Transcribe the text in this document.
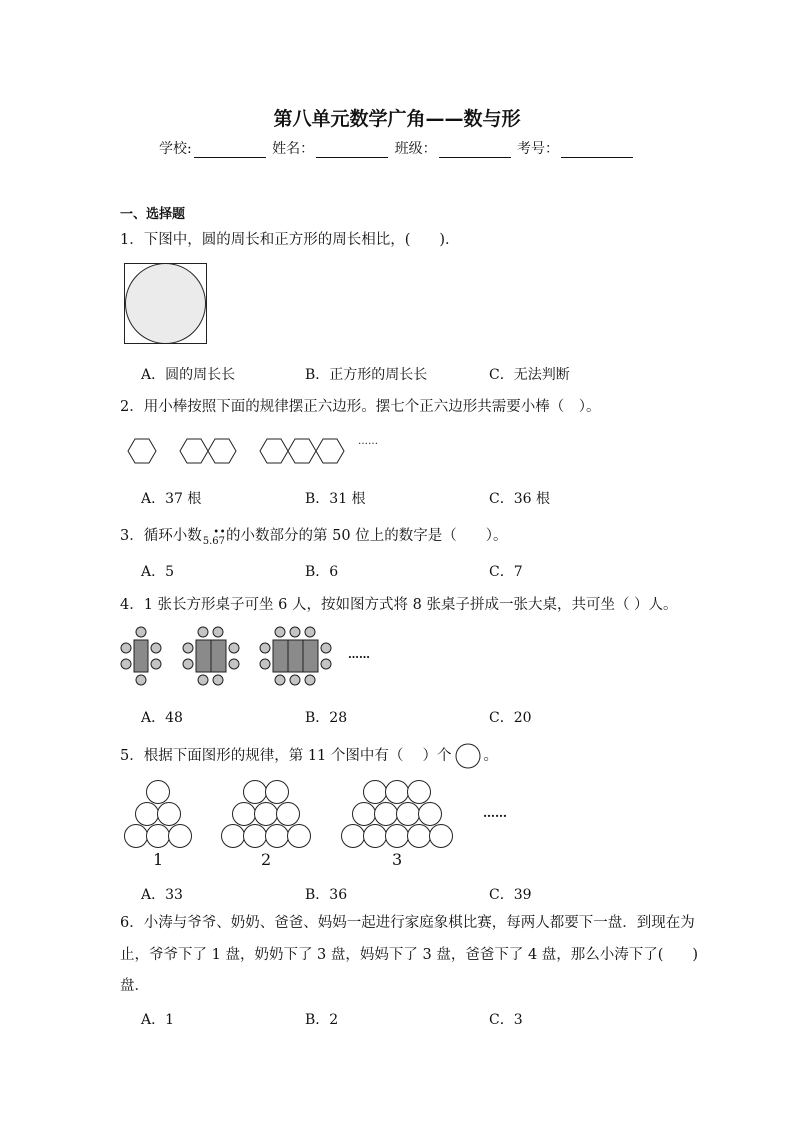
第八单元数学广角——数与形
学校:	姓名：	班级：	考号：
一、选择题
1．下图中，圆的周长和正方形的周长相比，(　　)．
A．圆的周长长	B．正方形的周长长	C．无法判断
2．用小棒按照下面的规律摆正六边形。摆七个正六边形共需要小棒（　）。
……
A．37 根	B．31 根	C．36 根
3．循环小数5.
•
6
•
7的小数部分的第 50 位上的数字是（　　）。
A．5	B．6	C．7
4．1 张长方形桌子可坐 6 人，按如图方式将 8 张桌子拼成一张大桌，共可坐（ ）人。
……
A．48	B．28	C．20
5．根据下面图形的规律，第 11 个图中有（　 ）个 。
……
1	2	3
A．33	B．36	C．39
6．小涛与爷爷、奶奶、爸爸、妈妈一起进行家庭象棋比赛，每两人都要下一盘．到现在为
止，爷爷下了 1 盘，奶奶下了 3 盘，妈妈下了 3 盘，爸爸下了 4 盘，那么小涛下了(　　)
盘．
A．1	B．2	C．3
